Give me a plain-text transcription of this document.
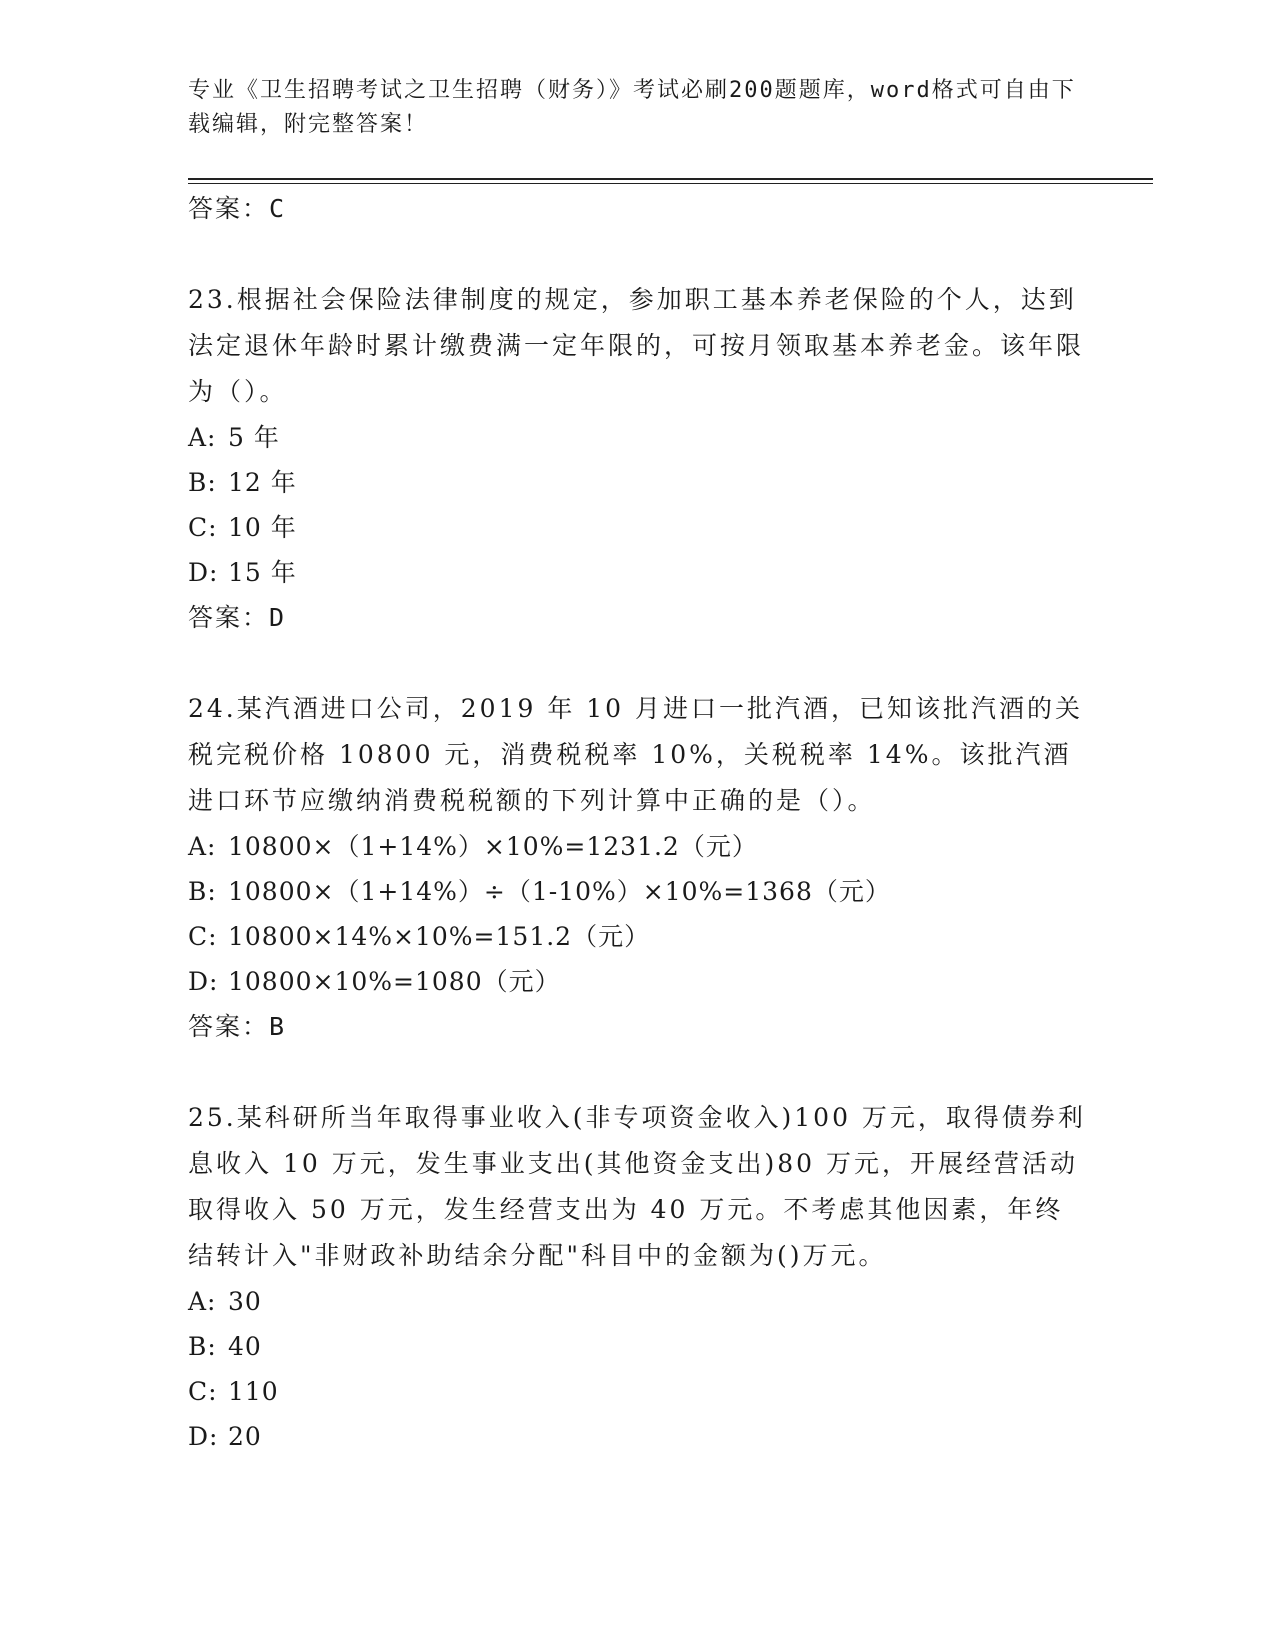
专业《卫生招聘考试之卫生招聘（财务）》考试必刷200题题库，word格式可自由下载编辑，附完整答案！
答案：C
23.根据社会保险法律制度的规定，参加职工基本养老保险的个人，达到法定退休年龄时累计缴费满一定年限的，可按月领取基本养老金。该年限为（）。
A: 5 年
B: 12 年
C: 10 年
D: 15 年
答案：D
24.某汽酒进口公司，2019 年 10 月进口一批汽酒，已知该批汽酒的关税完税价格 10800 元，消费税税率 10%，关税税率 14%。该批汽酒进口环节应缴纳消费税税额的下列计算中正确的是（）。
A: 10800×（1+14%）×10%=1231.2（元）
B: 10800×（1+14%）÷（1-10%）×10%=1368（元）
C: 10800×14%×10%=151.2（元）
D: 10800×10%=1080（元）
答案：B
25.某科研所当年取得事业收入(非专项资金收入)100 万元，取得债券利息收入 10 万元，发生事业支出(其他资金支出)80 万元，开展经营活动取得收入 50 万元，发生经营支出为 40 万元。不考虑其他因素，年终结转计入"非财政补助结余分配"科目中的金额为()万元。
A: 30
B: 40
C: 110
D: 20
